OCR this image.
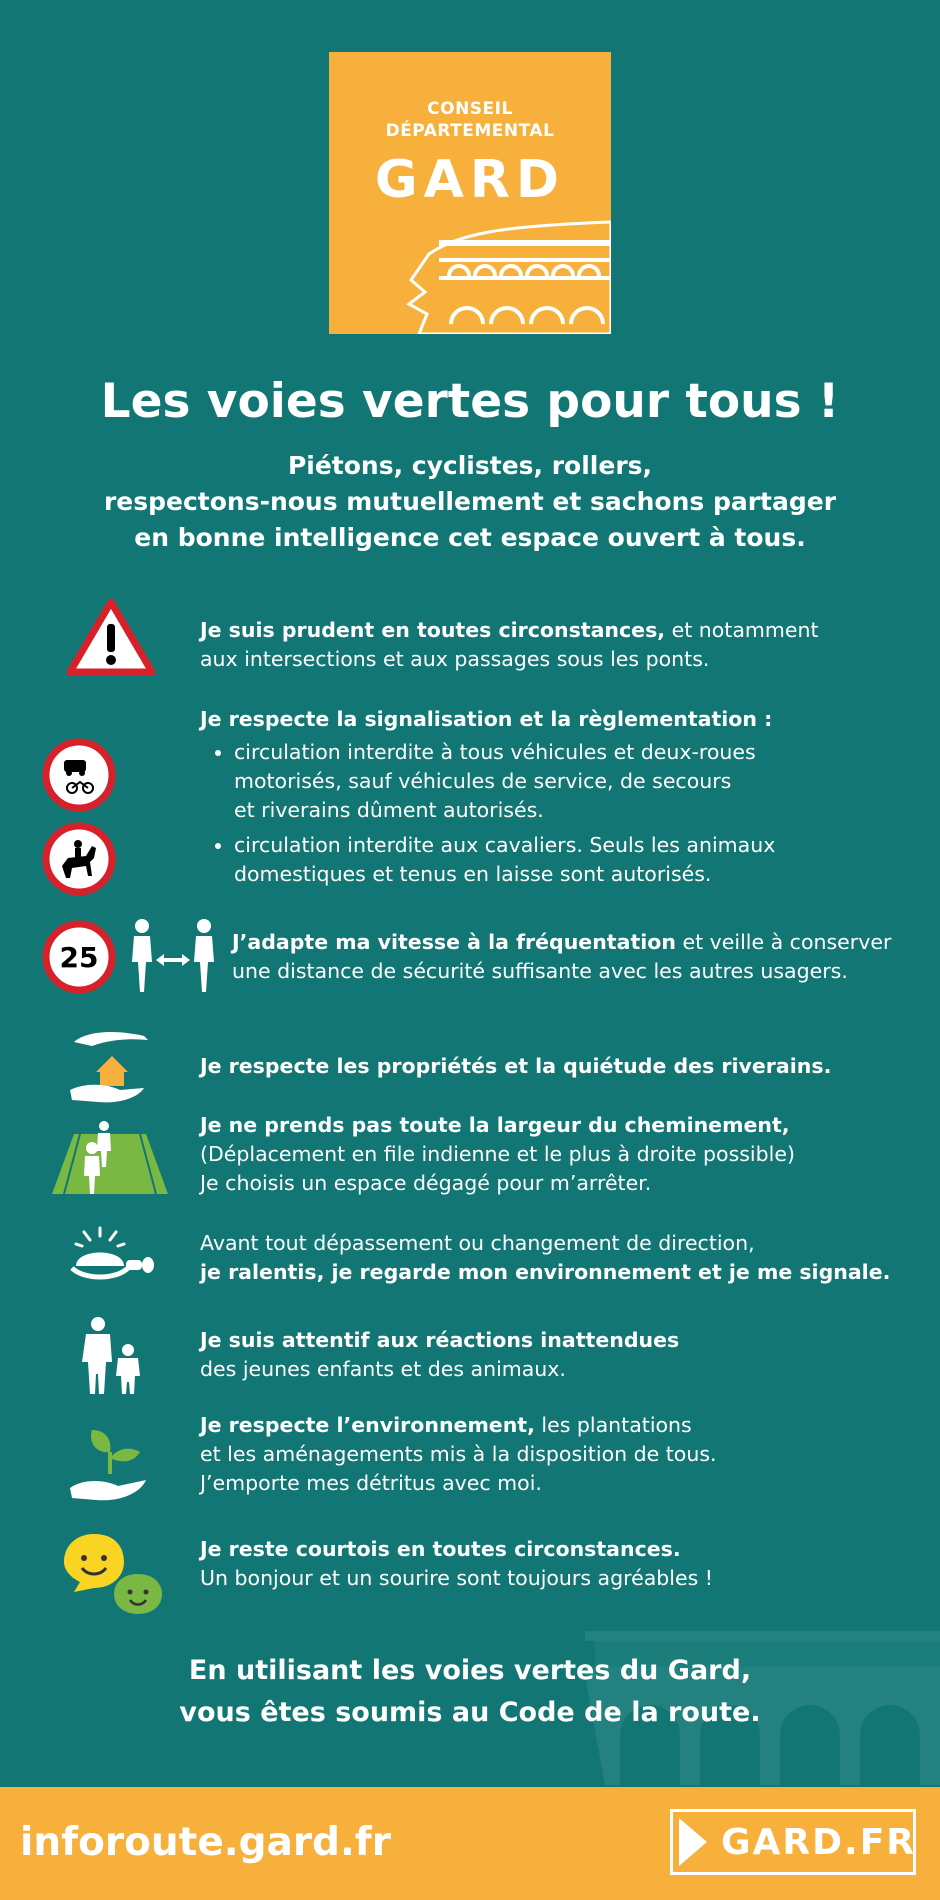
CONSEIL
DÉPARTEMENTAL
GARD
Les voies vertes pour tous !
Piétons, cyclistes, rollers,
respectons-nous mutuellement et sachons partager
en bonne intelligence cet espace ouvert à tous.
Je suis prudent en toutes circonstances, et notamment
aux intersections et aux passages sous les ponts.
Je respecte la signalisation et la règlementation :
• circulation interdite à tous véhicules et deux-roues
motorisés, sauf véhicules de service, de secours
et riverains dûment autorisés.
• circulation interdite aux cavaliers. Seuls les animaux
domestiques et tenus en laisse sont autorisés.
25	J’adapte ma vitesse à la fréquentation et veille à conserver
une distance de sécurité suffisante avec les autres usagers.
Je respecte les propriétés et la quiétude des riverains.
Je ne prends pas toute la largeur du cheminement,
(Déplacement en file indienne et le plus à droite possible)
Je choisis un espace dégagé pour m’arrêter.
Avant tout dépassement ou changement de direction,
je ralentis, je regarde mon environnement et je me signale.
Je suis attentif aux réactions inattendues
des jeunes enfants et des animaux.
Je respecte l’environnement, les plantations
et les aménagements mis à la disposition de tous.
J’emporte mes détritus avec moi.
Je reste courtois en toutes circonstances.
Un bonjour et un sourire sont toujours agréables !
En utilisant les voies vertes du Gard,
vous êtes soumis au Code de la route.
inforoute.gard.fr	GARD.FR
